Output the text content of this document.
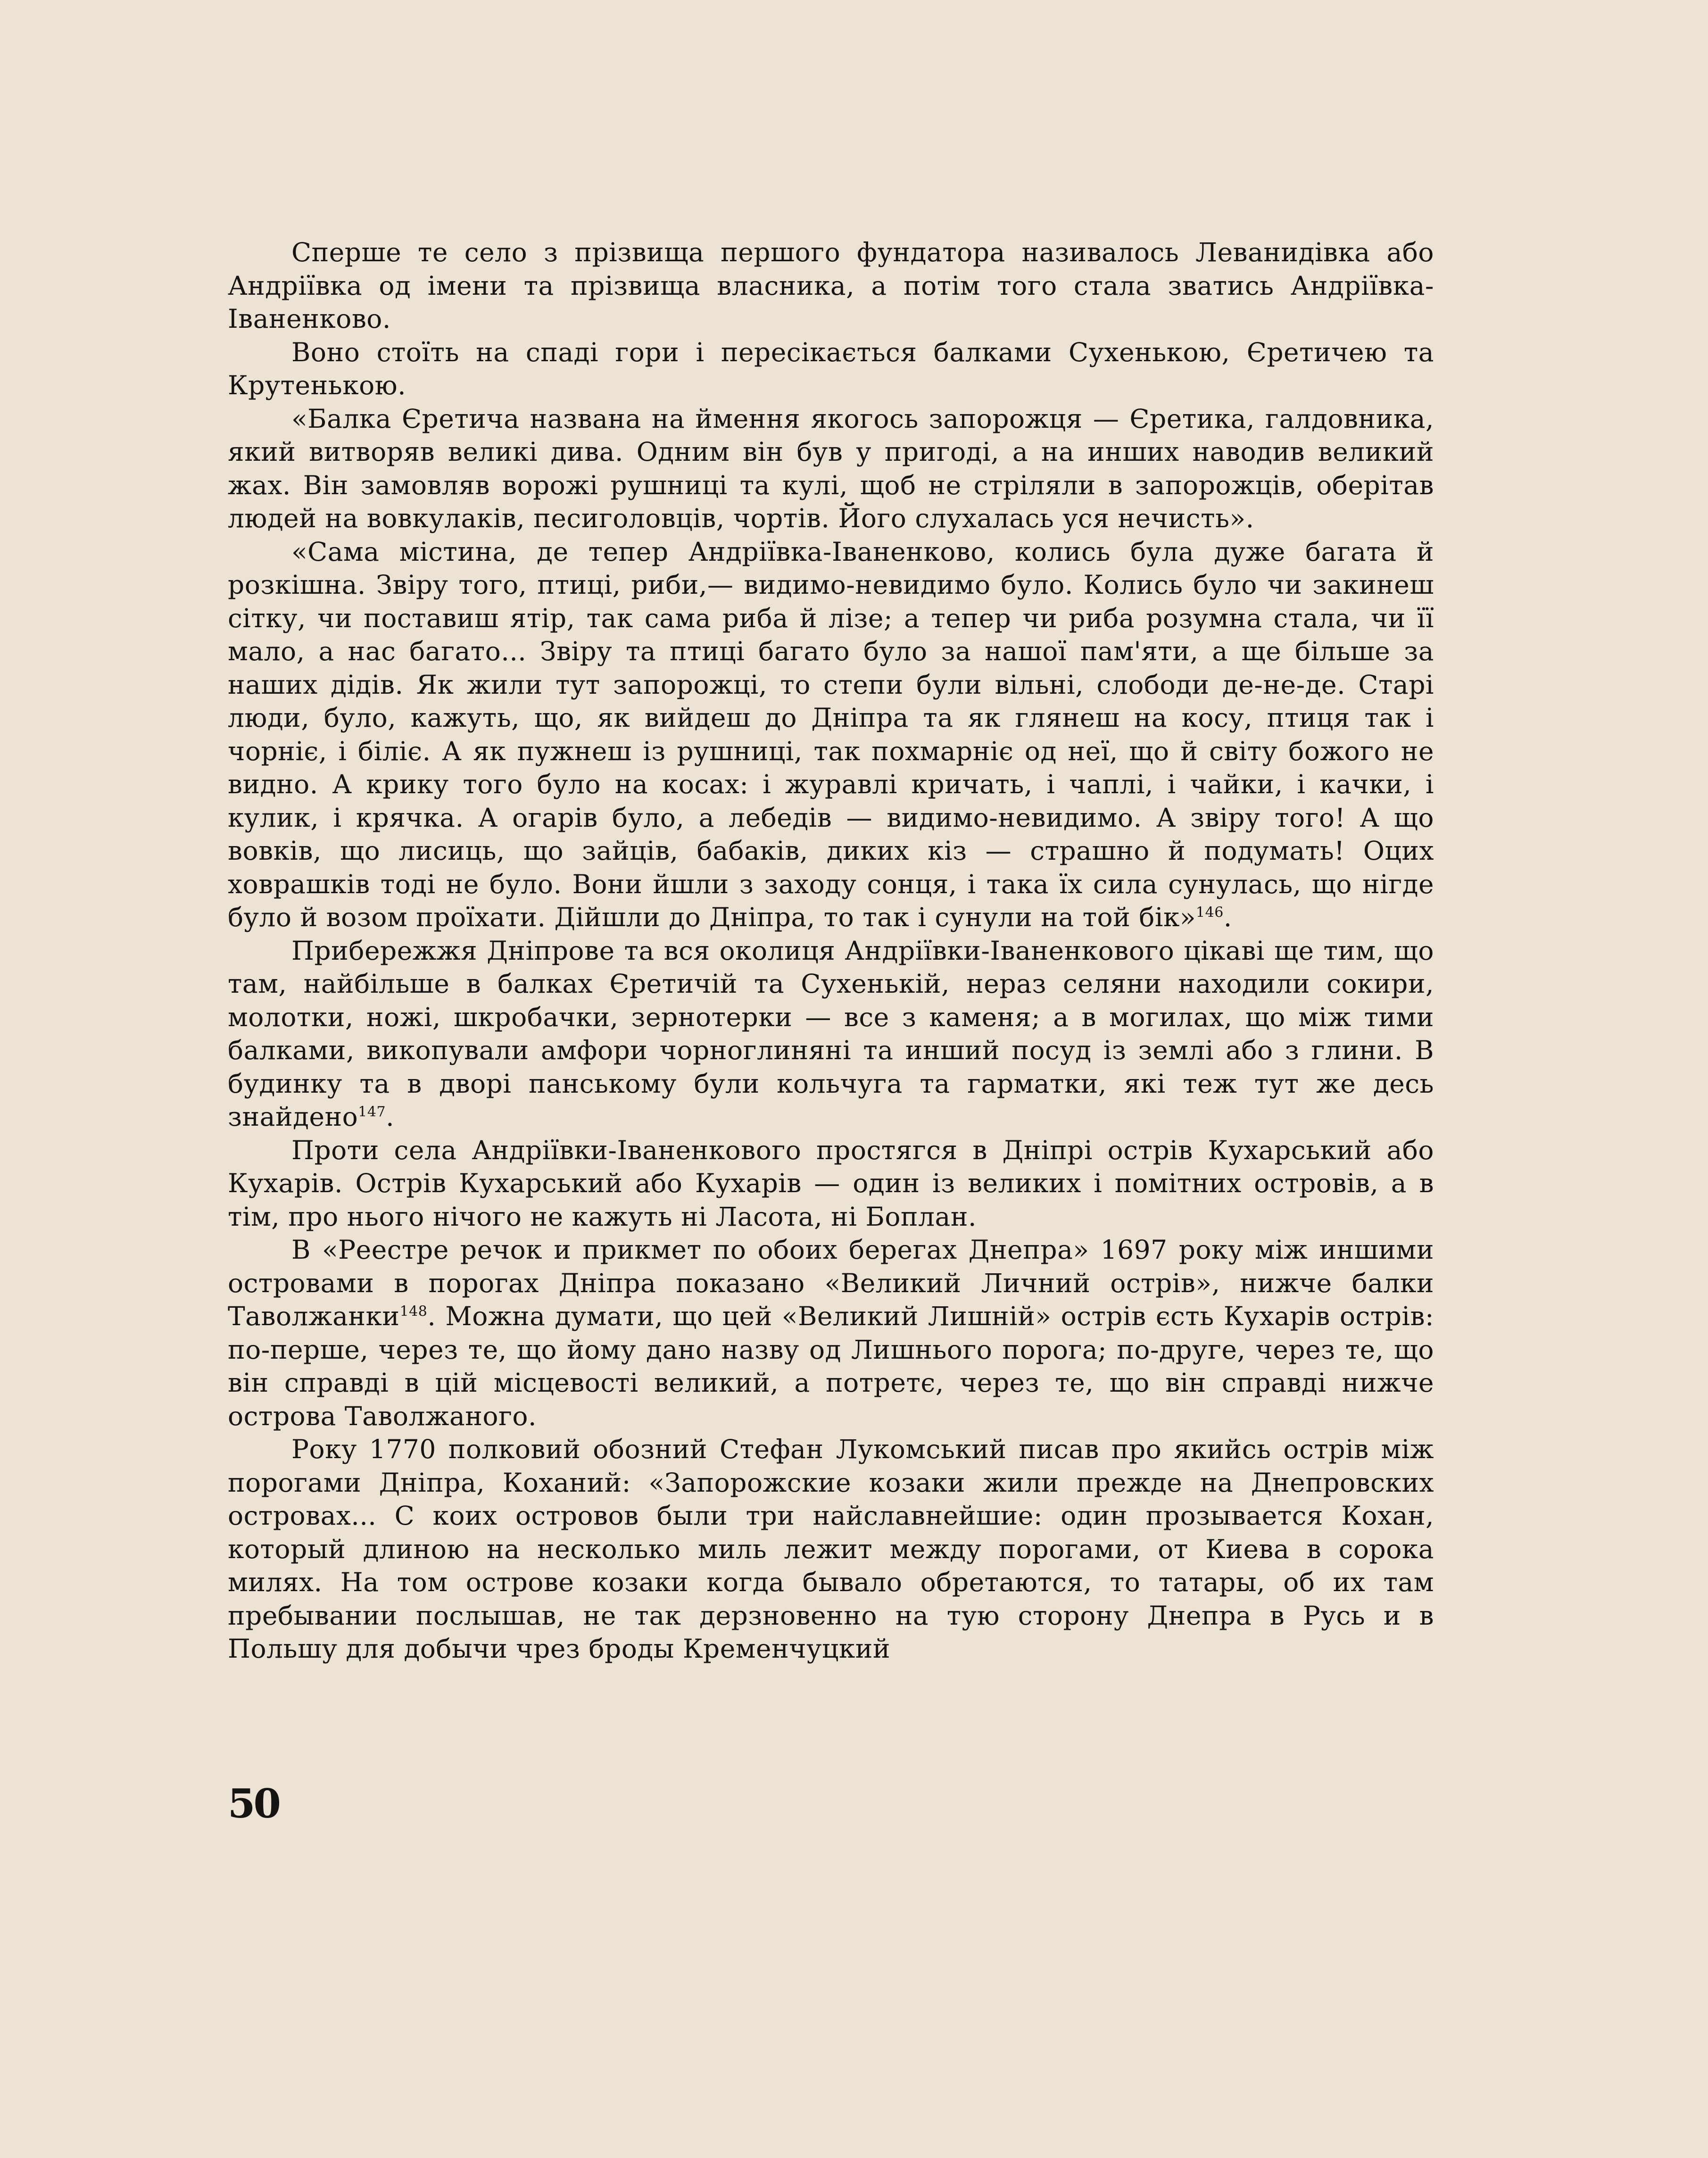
Сперше те село з прізвища першого фундатора називалось Леванидівка або Андріївка од імени та прізвища власника, а потім того стала зватись Андріївка-Іваненково.

Воно стоїть на спаді гори і пересікається балками Сухенькою, Єретичею та Крутенькою.

«Балка Єретича названа на ймення якогось запорожця — Єретика, галдовника, який витворяв великі дива. Одним він був у пригоді, а на инших наводив великий жах. Він замовляв ворожі рушниці та кулі, щоб не стріляли в запорожців, оберітав людей на вовкулаків, песиголовців, чортів. Його слухалась уся нечисть».

«Сама містина, де тепер Андріївка-Іваненково, колись була дуже багата й розкішна. Звіру того, птиці, риби,— видимо-невидимо було. Колись було чи закинеш сітку, чи поставиш ятір, так сама риба й лізе; а тепер чи риба розумна стала, чи її мало, а нас багато... Звіру та птиці багато було за нашої пам'яти, а ще більше за наших дідів. Як жили тут запорожці, то степи були вільні, слободи де-не-де. Старі люди, було, кажуть, що, як вийдеш до Дніпра та як глянеш на косу, птиця так і чорніє, і біліє. А як пужнеш із рушниці, так похмарніє од неї, що й світу божого не видно. А крику того було на косах: і журавлі кричать, і чаплі, і чайки, і качки, і кулик, і крячка. А огарів було, а лебедів — видимо-невидимо. А звіру того! А що вовків, що лисиць, що зайців, бабаків, диких кіз — страшно й подумать! Оцих ховрашків тоді не було. Вони йшли з заходу сонця, і така їх сила сунулась, що нігде було й возом проїхати. Дійшли до Дніпра, то так і сунули на той бік»$^{146}$.

Прибережжя Дніпрове та вся околиця Андріївки-Іваненкового цікаві ще тим, що там, найбільше в балках Єретичій та Сухенькій, нераз селяни находили сокири, молотки, ножі, шкробачки, зернотерки — все з каменя; а в могилах, що між тими балками, викопували амфори чорноглиняні та инший посуд із землі або з глини. В будинку та в дворі панському були кольчуга та гарматки, які теж тут же десь знайдено$^{147}$.

Проти села Андріївки-Іваненкового простягся в Дніпрі острів Кухарський або Кухарів. Острів Кухарський або Кухарів — один із великих і помітних островів, а в тім, про нього нічого не кажуть ні Ласота, ні Боплан.

В «Реестре речок и прикмет по обоих берегах Днепра» 1697 року між иншими островами в порогах Дніпра показано «Великий Личний острів», нижче балки Таволжанки$^{148}$. Можна думати, що цей «Великий Лишній» острів єсть Кухарів острів: по-перше, через те, що йому дано назву од Лишнього порога; по-друге, через те, що він справді в цій місцевості великий, а потретє, через те, що він справді нижче острова Таволжаного.

Року 1770 полковий обозний Стефан Лукомський писав про якийсь острів між порогами Дніпра, Коханий: «Запорожские козаки жили прежде на Днепровских островах... С коих островов были три найславнейшие: один прозывается Кохан, который длиною на несколько миль лежит между порогами, от Киева в сорока милях. На том острове козаки когда бывало обретаются, то татары, об их там пребывании послышав, не так дерзновенно на тую сторону Днепра в Русь и в Польшу для добычи чрез броды Кременчуцкий

50
